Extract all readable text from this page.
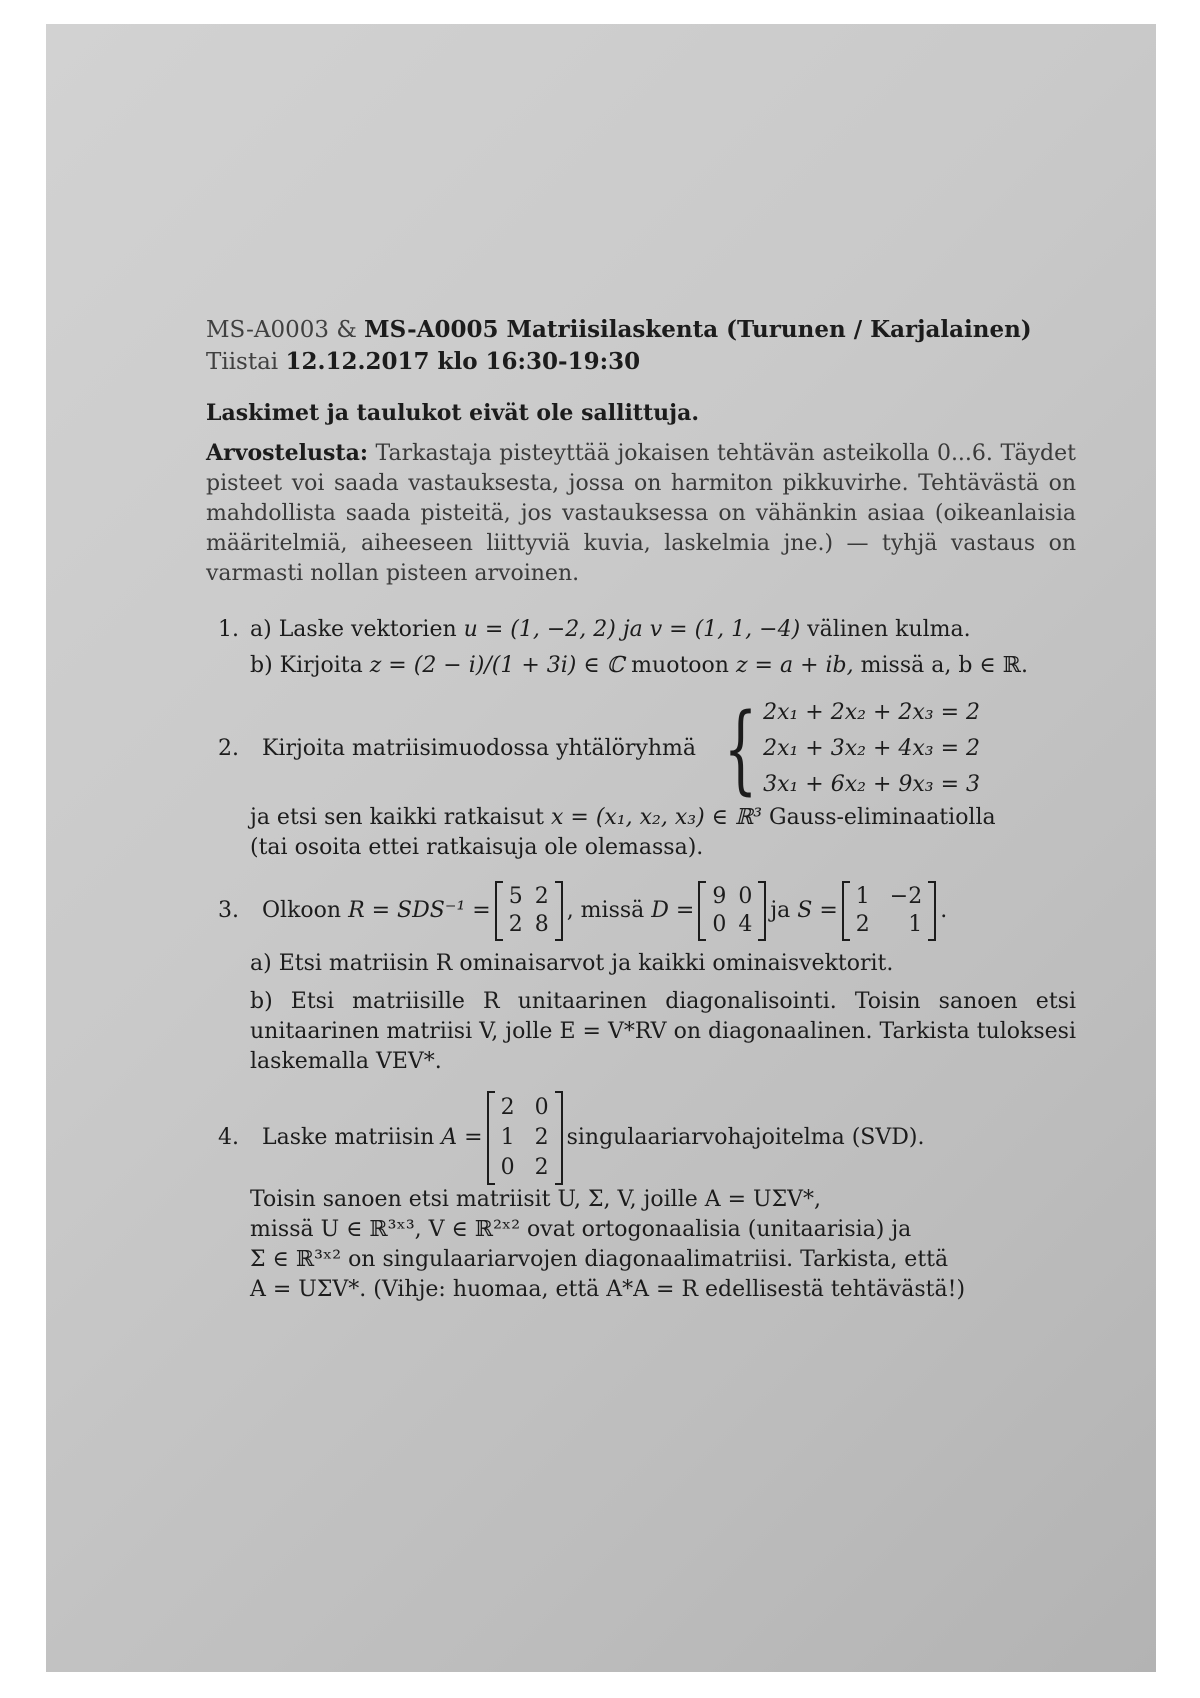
MS-A0003 & MS-A0005 Matriisilaskenta (Turunen / Karjalainen)
Tiistai 12.12.2017 klo 16:30-19:30
Laskimet ja taulukot eivät ole sallittuja.
Arvostelusta: Tarkastaja pisteyttää jokaisen tehtävän asteikolla 0...6. Täydet pisteet voi saada vastauksesta, jossa on harmiton pikkuvirhe. Tehtävästä on mahdollista saada pisteitä, jos vastauksessa on vähänkin asiaa (oikeanlaisia määritelmiä, aiheeseen liittyviä kuvia, laskelmia jne.) — tyhjä vastaus on varmasti nollan pisteen arvoinen.
1. a) Laske vektorien u = (1, −2, 2) ja v = (1, 1, −4) välinen kulma.
b) Kirjoita z = (2 − i)/(1 + 3i) ∈ ℂ muotoon z = a + ib, missä a, b ∈ ℝ.
2.	Kirjoita matriisimuodossa yhtälöryhmä { 2x₁ + 2x₂ + 2x₃ = 2
2x₁ + 3x₂ + 4x₃ = 2
3x₁ + 6x₂ + 9x₃ = 3
ja etsi sen kaikki ratkaisut x = (x₁, x₂, x₃) ∈ ℝ³ Gauss-eliminaatiolla
(tai osoita ettei ratkaisuja ole olemassa).
3.	Olkoon
R = SDS⁻¹ =
5 2
2 8
, missä
D =
9 0
0 4
ja
S =
1 −2
2	1
.
a) Etsi matriisin R ominaisarvot ja kaikki ominaisvektorit.
b) Etsi matriisille R unitaarinen diagonalisointi. Toisin sanoen etsi unitaarinen matriisi V, jolle E = V*RV on diagonaalinen. Tarkista tuloksesi laskemalla VEV*.
4.	Laske matriisin
A =
2 0
1 2
0 2
singulaariarvohajoitelma (SVD).
Toisin sanoen etsi matriisit U, Σ, V, joille A = UΣV*,
missä U ∈ ℝ³ˣ³, V ∈ ℝ²ˣ² ovat ortogonaalisia (unitaarisia) ja
Σ ∈ ℝ³ˣ² on singulaariarvojen diagonaalimatriisi. Tarkista, että
A = UΣV*. (Vihje: huomaa, että A*A = R edellisestä tehtävästä!)
